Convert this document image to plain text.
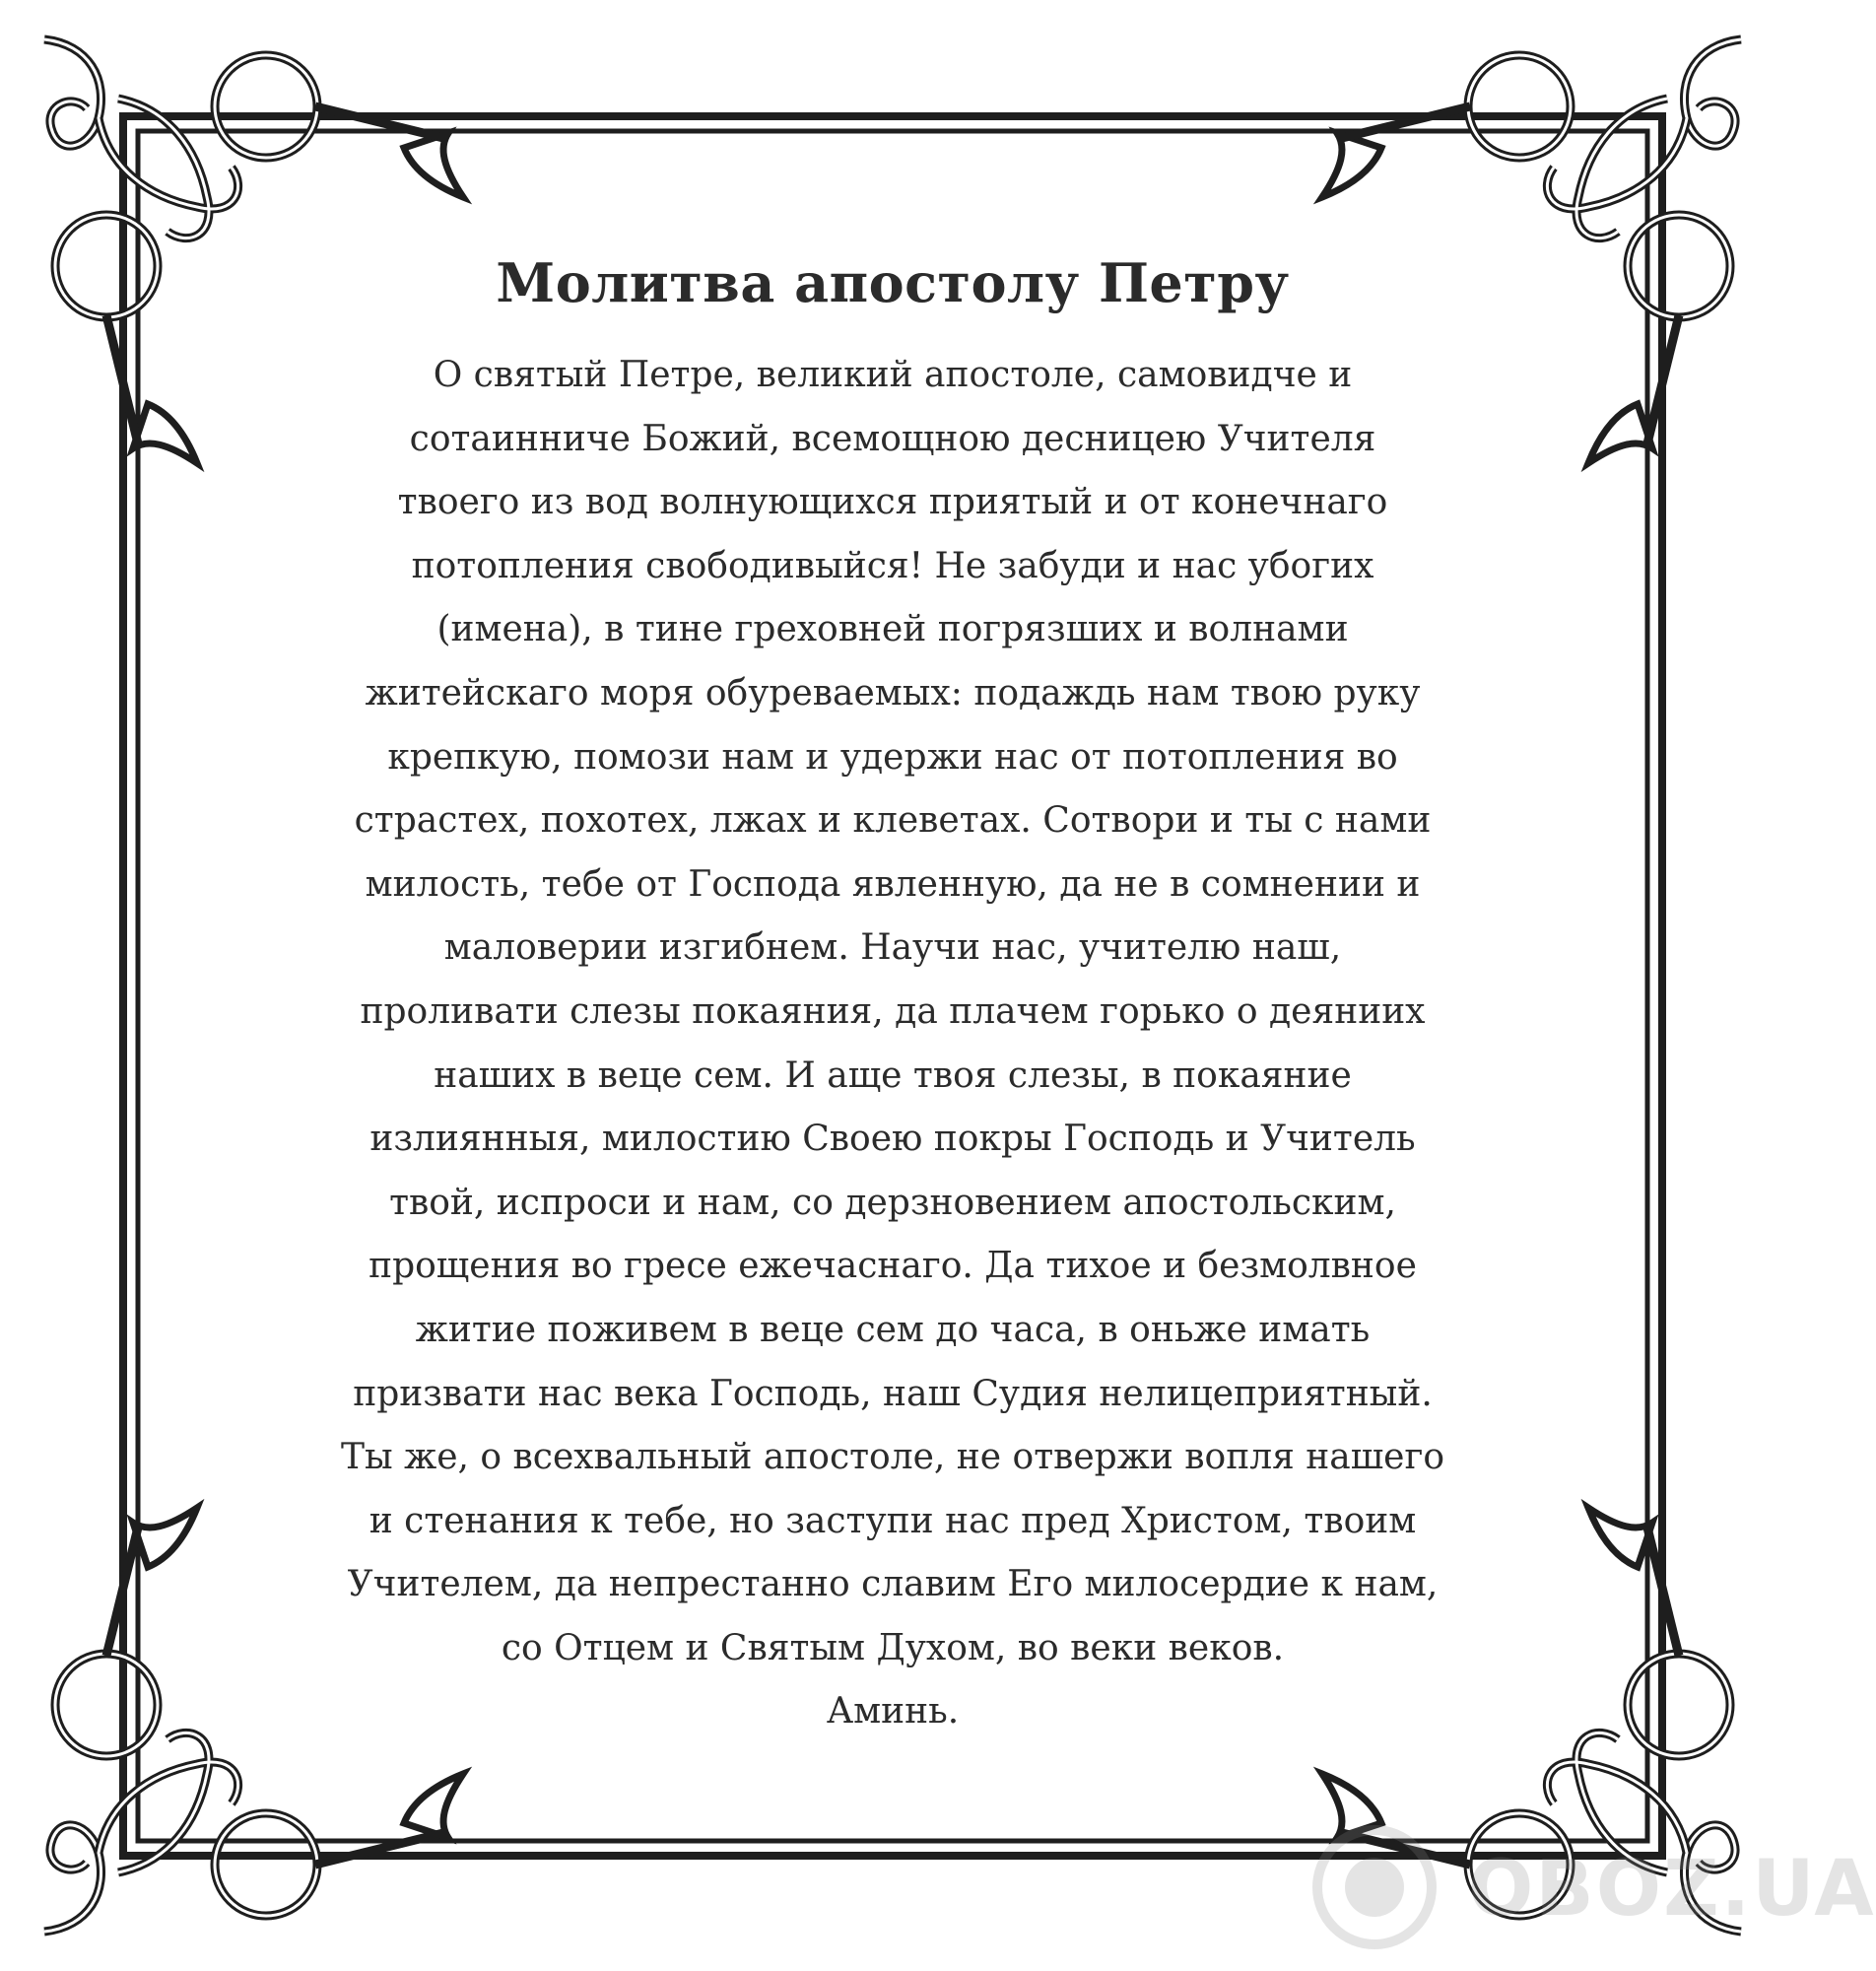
Молитва апостолу Петру

О святый Петре, великий апостоле, самовидче и
сотаинниче Божий, всемощною десницею Учителя
твоего из вод волнующихся приятый и от конечнаго
потопления свободивыйся! Не забуди и нас убогих
(имена), в тине греховней погрязших и волнами
житейскаго моря обуреваемых: подаждь нам твою руку
крепкую, помози нам и удержи нас от потопления во
страстех, похотех, лжах и клеветах. Сотвори и ты с нами
милость, тебе от Господа явленную, да не в сомнении и
маловерии изгибнем. Научи нас, учителю наш,
проливати слезы покаяния, да плачем горько о деяниих
наших в веце сем. И аще твоя слезы, в покаяние
излиянныя, милостию Своею покры Господь и Учитель
твой, испроси и нам, со дерзновением апостольским,
прощения во гресе ежечаснаго. Да тихое и безмолвное
житие поживем в веце сем до часа, в оньже имать
призвати нас века Господь, наш Судия нелицеприятный.
Ты же, о всехвальный апостоле, не отвержи вопля нашего
и стенания к тебе, но заступи нас пред Христом, твоим
Учителем, да непрестанно славим Его милосердие к нам,
со Отцем и Святым Духом, во веки веков.
Аминь.

OBOZ.UA
